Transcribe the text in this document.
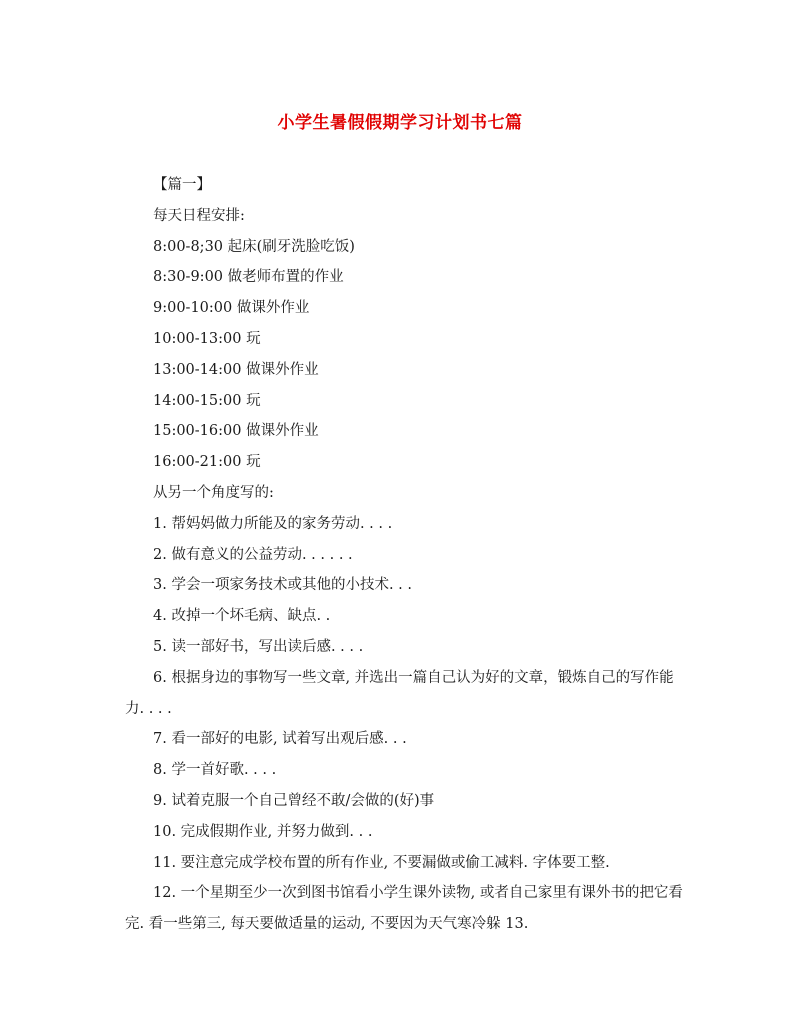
小学生暑假假期学习计划书七篇
【篇一】
每天日程安排:
8:00-8;30 起床(刷牙洗脸吃饭)
8:30-9:00 做老师布置的作业
9:00-10:00 做课外作业
10:00-13:00 玩
13:00-14:00 做课外作业
14:00-15:00 玩
15:00-16:00 做课外作业
16:00-21:00 玩
从另一个角度写的:
1. 帮妈妈做力所能及的家务劳动. . . .
2. 做有意义的公益劳动. . . . . .
3. 学会一项家务技术或其他的小技术. . .
4. 改掉一个坏毛病、缺点. .
5. 读一部好书，写出读后感. . . .
6. 根据身边的事物写一些文章, 并选出一篇自己认为好的文章，锻炼自己的写作能力. . . .
7. 看一部好的电影, 试着写出观后感. . .
8. 学一首好歌. . . .
9. 试着克服一个自己曾经不敢/会做的(好)事
10. 完成假期作业, 并努力做到. . .
11. 要注意完成学校布置的所有作业, 不要漏做或偷工减料. 字体要工整.
12. 一个星期至少一次到图书馆看小学生课外读物, 或者自己家里有课外书的把它看完. 看一些第三, 每天要做适量的运动, 不要因为天气寒冷躲 13.
